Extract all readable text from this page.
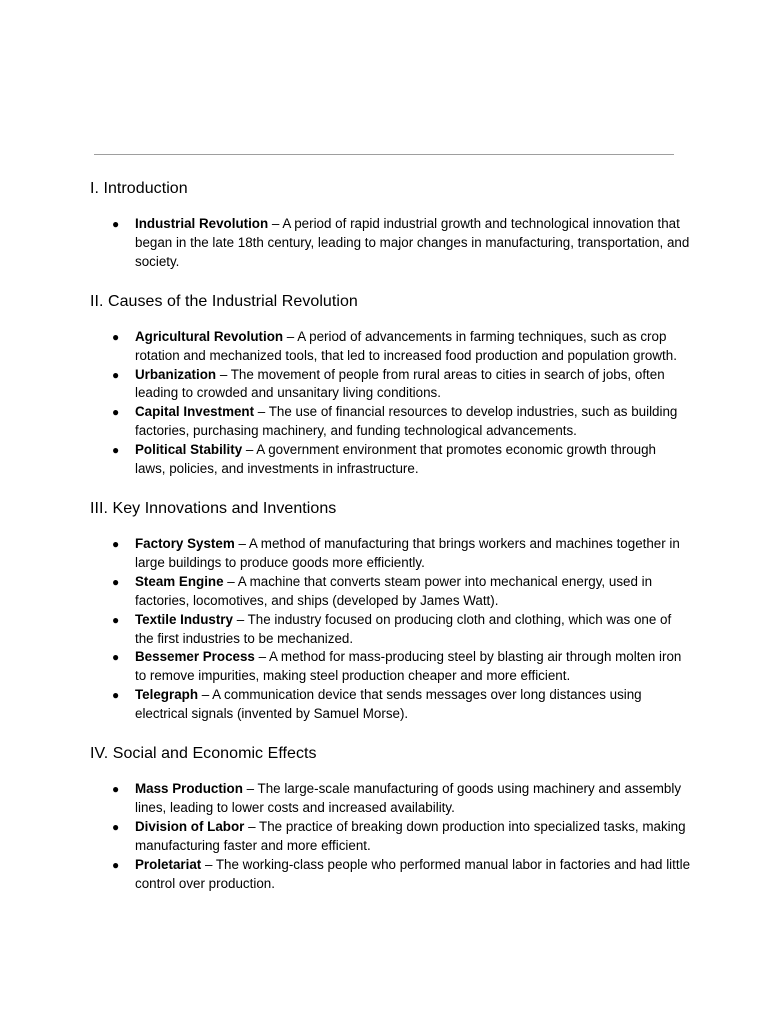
I. Introduction
● Industrial Revolution – A period of rapid industrial growth and technological innovation that began in the late 18th century, leading to major changes in manufacturing, transportation, and society.
II. Causes of the Industrial Revolution
● Agricultural Revolution – A period of advancements in farming techniques, such as crop rotation and mechanized tools, that led to increased food production and population growth.
● Urbanization – The movement of people from rural areas to cities in search of jobs, often leading to crowded and unsanitary living conditions.
● Capital Investment – The use of financial resources to develop industries, such as building factories, purchasing machinery, and funding technological advancements.
● Political Stability – A government environment that promotes economic growth through laws, policies, and investments in infrastructure.
III. Key Innovations and Inventions
● Factory System – A method of manufacturing that brings workers and machines together in large buildings to produce goods more efficiently.
● Steam Engine – A machine that converts steam power into mechanical energy, used in factories, locomotives, and ships (developed by James Watt).
● Textile Industry – The industry focused on producing cloth and clothing, which was one of the first industries to be mechanized.
● Bessemer Process – A method for mass-producing steel by blasting air through molten iron to remove impurities, making steel production cheaper and more efficient.
● Telegraph – A communication device that sends messages over long distances using electrical signals (invented by Samuel Morse).
IV. Social and Economic Effects
● Mass Production – The large-scale manufacturing of goods using machinery and assembly lines, leading to lower costs and increased availability.
● Division of Labor – The practice of breaking down production into specialized tasks, making manufacturing faster and more efficient.
● Proletariat – The working-class people who performed manual labor in factories and had little control over production.
